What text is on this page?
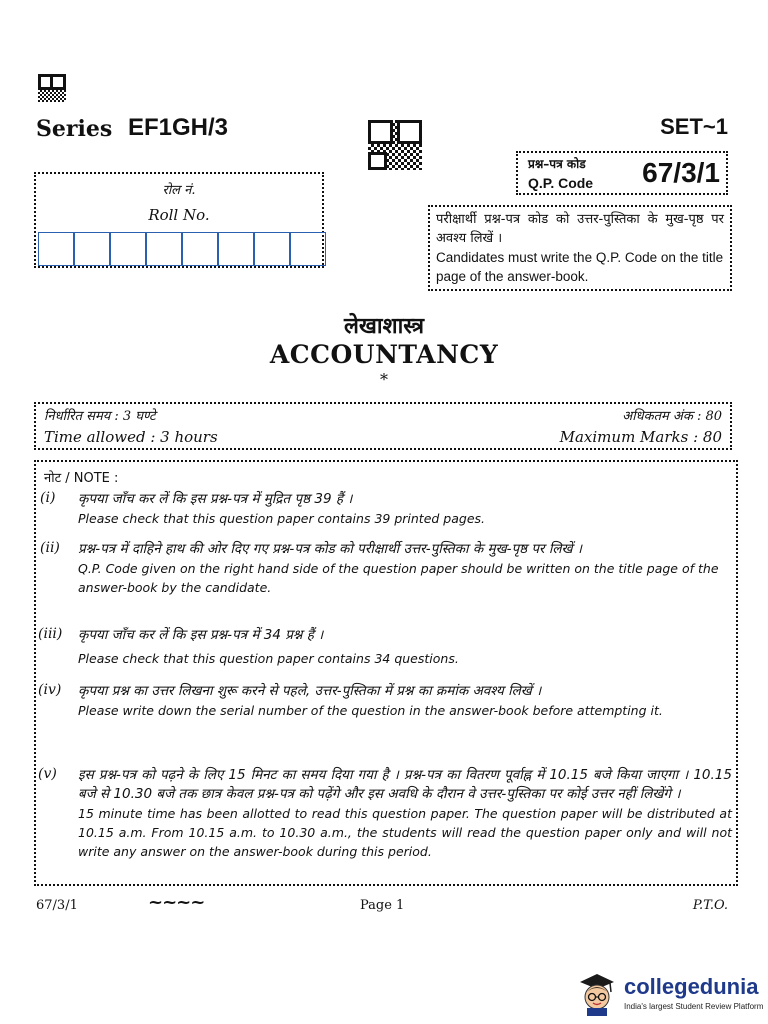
Series EF1GH/3	SET~1
प्रश्न–पत्र कोड
Q.P. Code 67/3/1
रोल नं.
Roll No.	परीक्षार्थी प्रश्न-पत्र कोड को उत्तर-पुस्तिका के मुख-पृष्ठ पर अवश्य लिखें ।
Candidates must write the Q.P. Code on the title page of the answer-book.
लेखाशास्त्र
ACCOUNTANCY
*
निर्धारित समय : 3 घण्टे	अधिकतम अंक : 80
Time allowed : 3 hours	Maximum Marks : 80
नोट / NOTE :
(i) कृपया जाँच कर लें कि इस प्रश्न-पत्र में मुद्रित पृष्ठ 39 हैं ।
Please check that this question paper contains 39 printed pages.
(ii) प्रश्न-पत्र में दाहिने हाथ की ओर दिए गए प्रश्न-पत्र कोड को परीक्षार्थी उत्तर-पुस्तिका के मुख-पृष्ठ पर लिखें ।
Q.P. Code given on the right hand side of the question paper should be written on the title page of the answer-book by the candidate.
(iii) कृपया जाँच कर लें कि इस प्रश्न-पत्र में 34 प्रश्न हैं ।
Please check that this question paper contains 34 questions.
(iv) कृपया प्रश्न का उत्तर लिखना शुरू करने से पहले, उत्तर-पुस्तिका में प्रश्न का क्रमांक अवश्य लिखें ।
Please write down the serial number of the question in the answer-book before attempting it.
(v) इस प्रश्न-पत्र को पढ़ने के लिए 15 मिनट का समय दिया गया है । प्रश्न-पत्र का वितरण पूर्वाह्न में 10.15 बजे किया जाएगा । 10.15 बजे से 10.30 बजे तक छात्र केवल प्रश्न-पत्र को पढ़ेंगे और इस अवधि के दौरान वे उत्तर-पुस्तिका पर कोई उत्तर नहीं लिखेंगे ।
15 minute time has been allotted to read this question paper. The question paper will be distributed at 10.15 a.m. From 10.15 a.m. to 10.30 a.m., the students will read the question paper only and will not write any answer on the answer-book during this period.
67/3/1	~~~~	Page 1	P.T.O.
collegedunia
India's largest Student Review Platform
